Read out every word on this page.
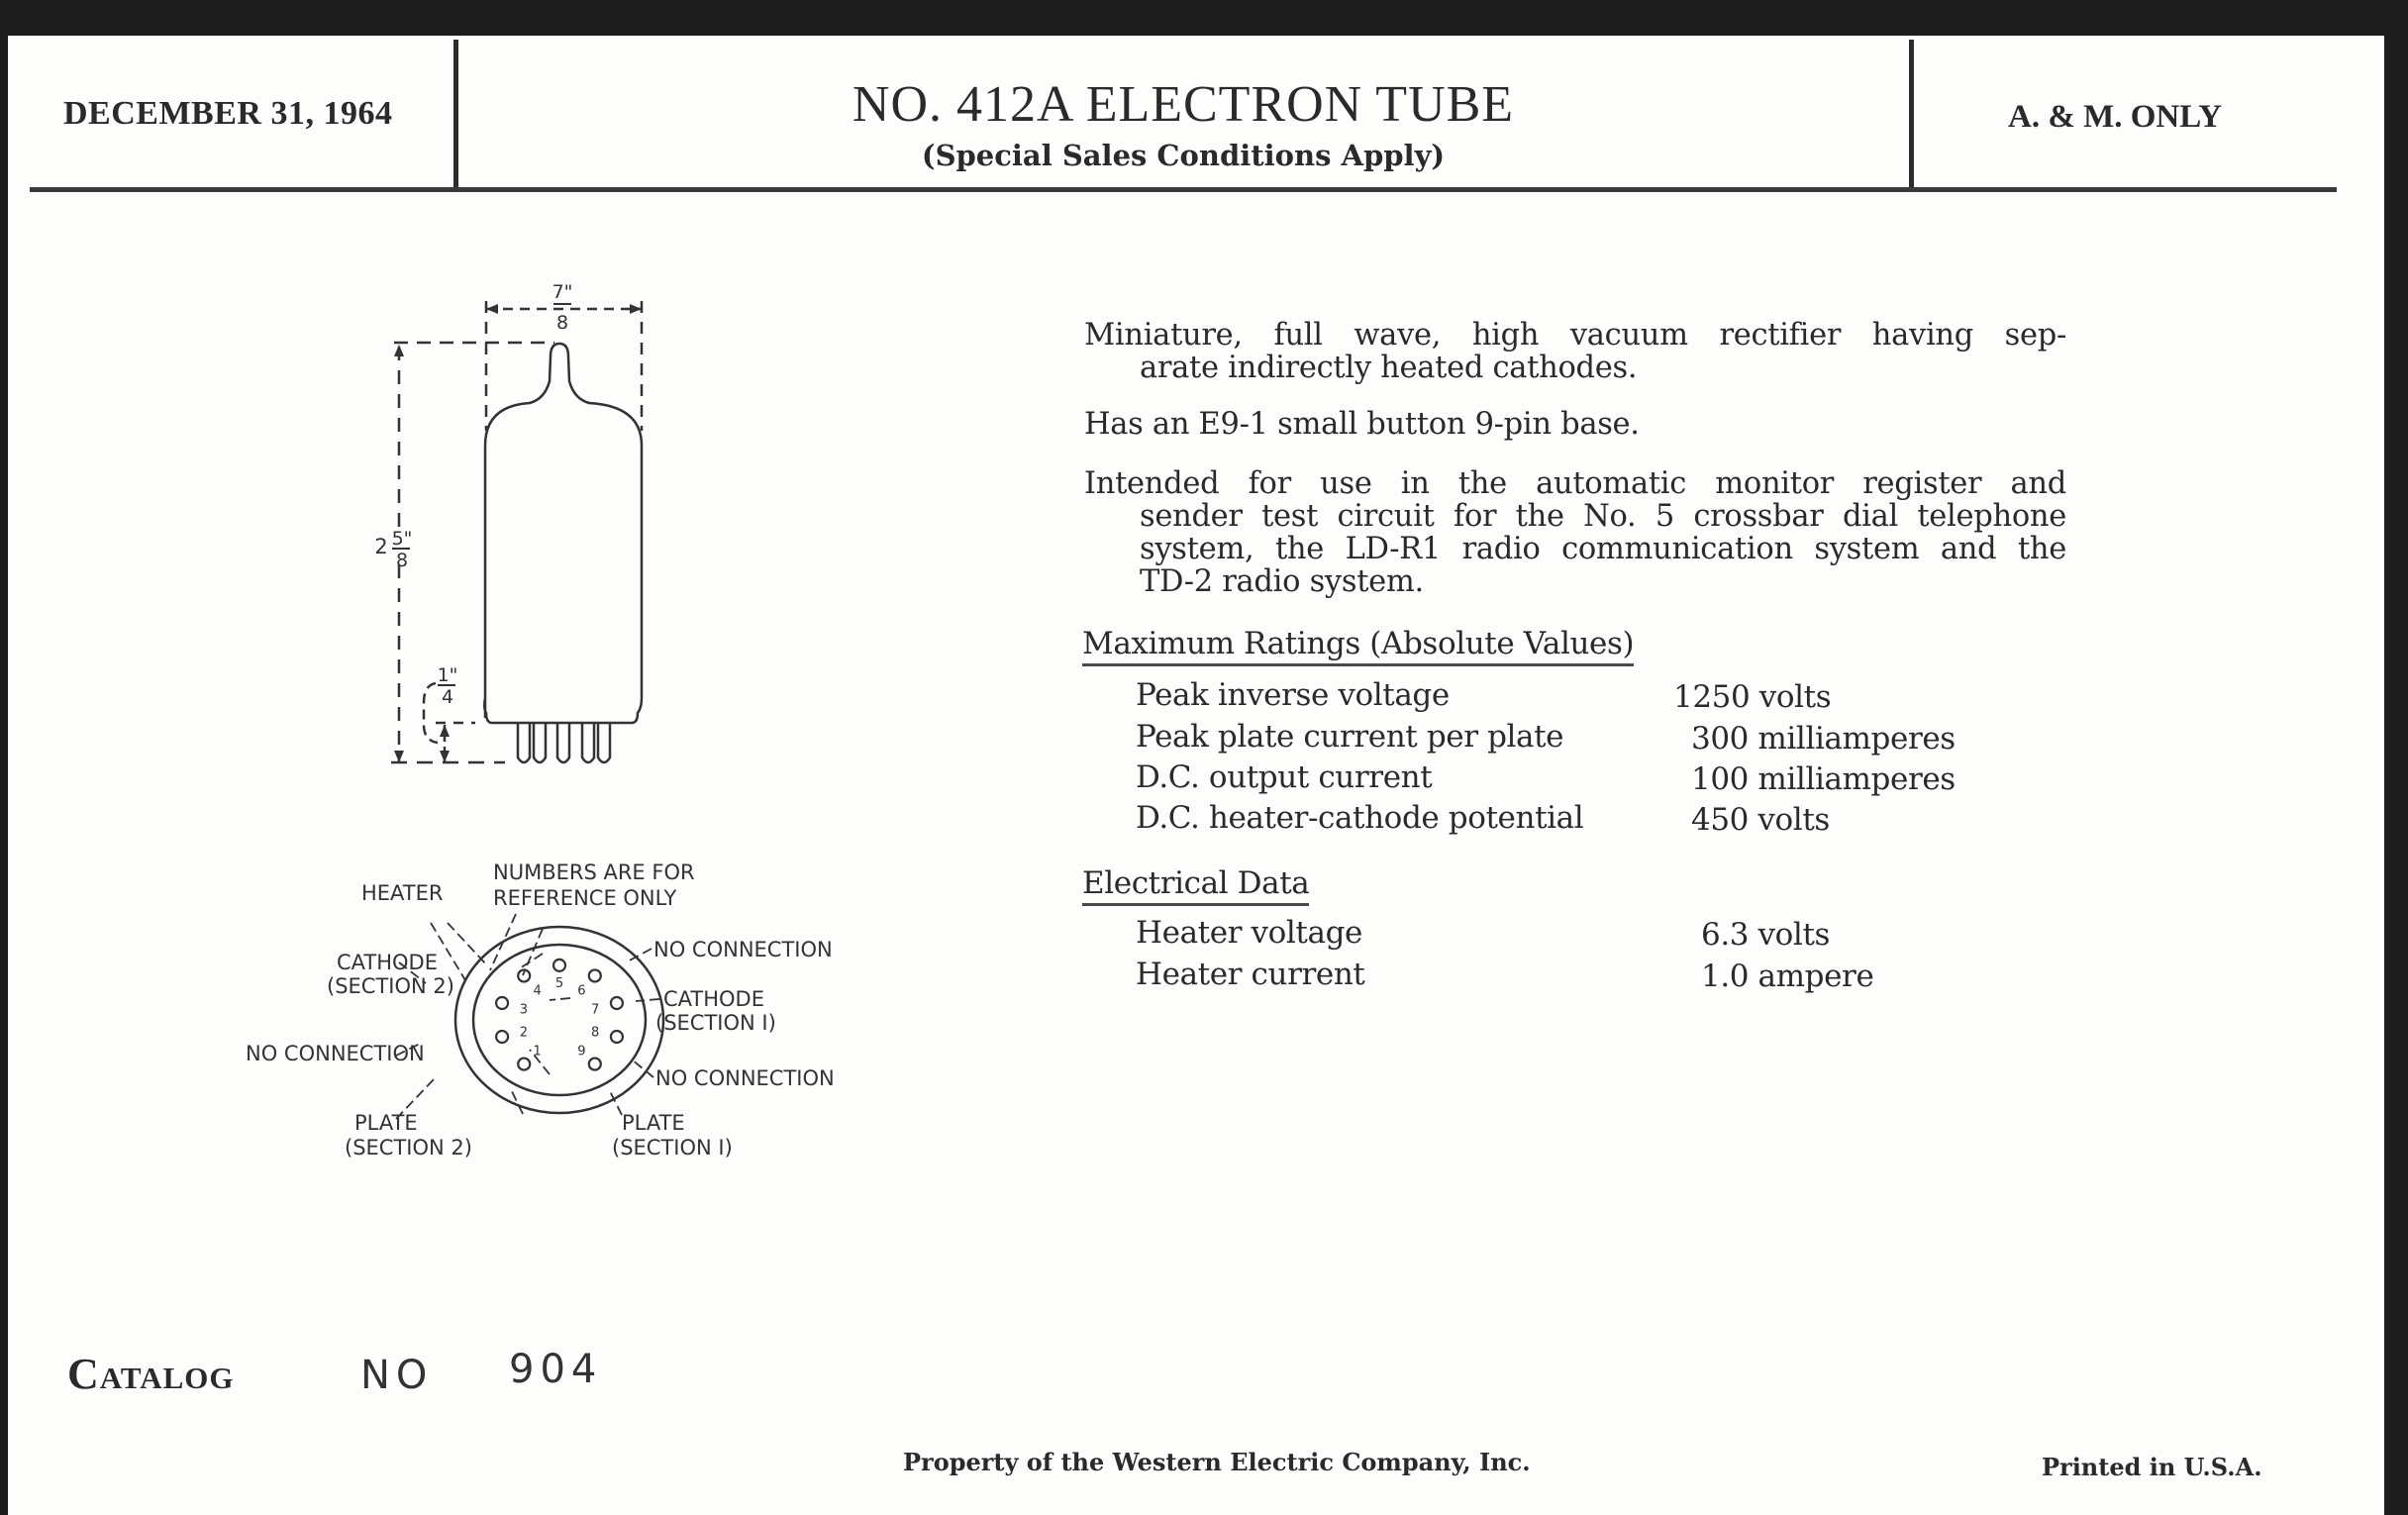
DECEMBER 31, 1964	NO. 412A ELECTRON TUBE
(Special Sales Conditions Apply)
A. & M. ONLY
7"
8
2 5"
8
1"
4
1
2
3
4 5 6
7
8
9
HEATER
NUMBERS ARE FOR
REFERENCE ONLY
CATHODE
(SECTION 2)
NO CONNECTION
PLATE
(SECTION 2)
NO CONNECTION
CATHODE
(SECTION I)
NO CONNECTION
PLATE
(SECTION I)
Miniature, full wave, high vacuum rectifier having sep-
arate indirectly heated cathodes.
Has an E9-1 small button 9-pin base.
Intended for use in the automatic monitor register and
sender test circuit for the No. 5 crossbar dial telephone
system, the LD-R1 radio communication system and the
TD-2 radio system.
Maximum Ratings (Absolute Values)
Peak inverse voltage	1250 volts
Peak plate current per plate	300 milliamperes
D.C. output current	100 milliamperes
D.C. heater-cathode potential	450 volts
Electrical Data
Heater voltage	6.3 volts
Heater current	1.0 ampere
Catalog	NO 904
Property of the Western Electric Company, Inc.	Printed in U.S.A.
